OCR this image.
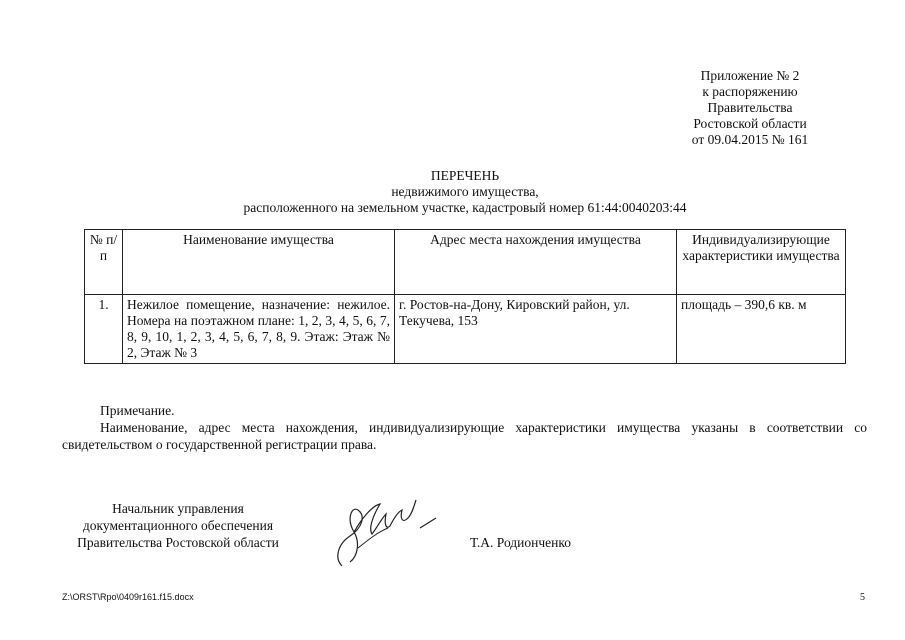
Приложение № 2
к распоряжению
Правительства
Ростовской области
от 09.04.2015 № 161
ПЕРЕЧЕНЬ
недвижимого имущества,
расположенного на земельном участке, кадастровый номер 61:44:0040203:44
№ п/п	Наименование имущества	Адрес места нахождения имущества	Индивидуализирующие характеристики имущества
1.	Нежилое помещение, назначение: нежилое. Номера на поэтажном плане: 1, 2, 3, 4, 5, 6, 7, 8, 9, 10, 1, 2, 3, 4, 5, 6, 7, 8, 9. Этаж: Этаж № 2, Этаж № 3	г. Ростов-на-Дону, Кировский район, ул. Текучева, 153	площадь – 390,6 кв. м
Примечание.
Наименование, адрес места нахождения, индивидуализирующие характеристики имущества указаны в соответствии со свидетельством о государственной регистрации права.
Начальник управления
документационного обеспечения
Правительства Ростовской области	Т.А. Родионченко
Z:\ORST\Rpo\0409r161.f15.docx	5
